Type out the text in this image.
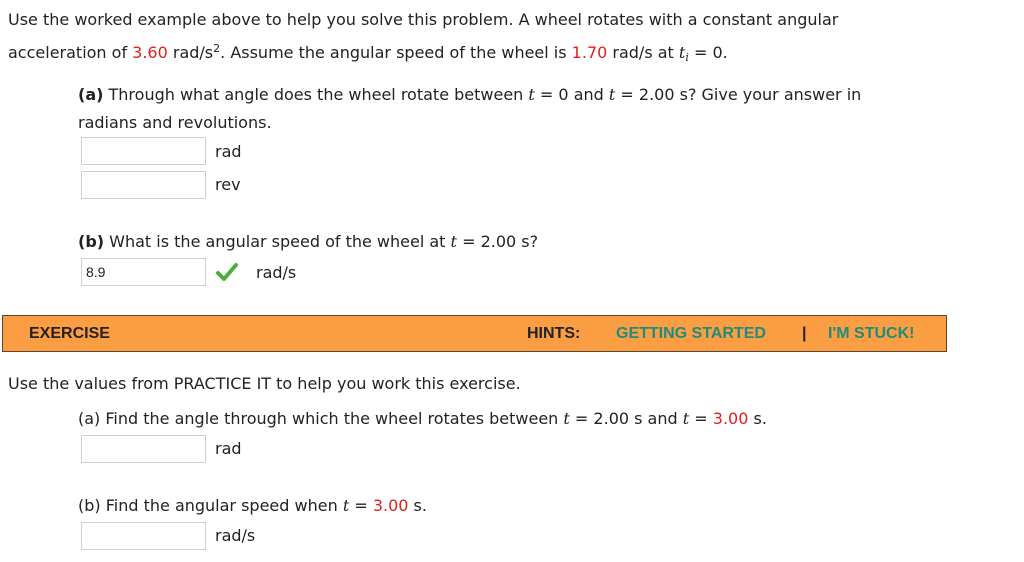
Use the worked example above to help you solve this problem. A wheel rotates with a constant angular
acceleration of 3.60 rad/$s^2$. Assume the angular speed of the wheel is 1.70 rad/s at $t_i = 0$.
(a) Through what angle does the wheel rotate between t = 0 and t = 2.00 s? Give your answer in
radians and revolutions.
rad
rev
(b) What is the angular speed of the wheel at t = 2.00 s?
8.9
rad/s
EXERCISE	HINTS: GETTING STARTED | I'M STUCK!
Use the values from PRACTICE IT to help you work this exercise.
(a) Find the angle through which the wheel rotates between t = 2.00 s and t = 3.00 s.
rad
(b) Find the angular speed when t = 3.00 s.
rad/s
